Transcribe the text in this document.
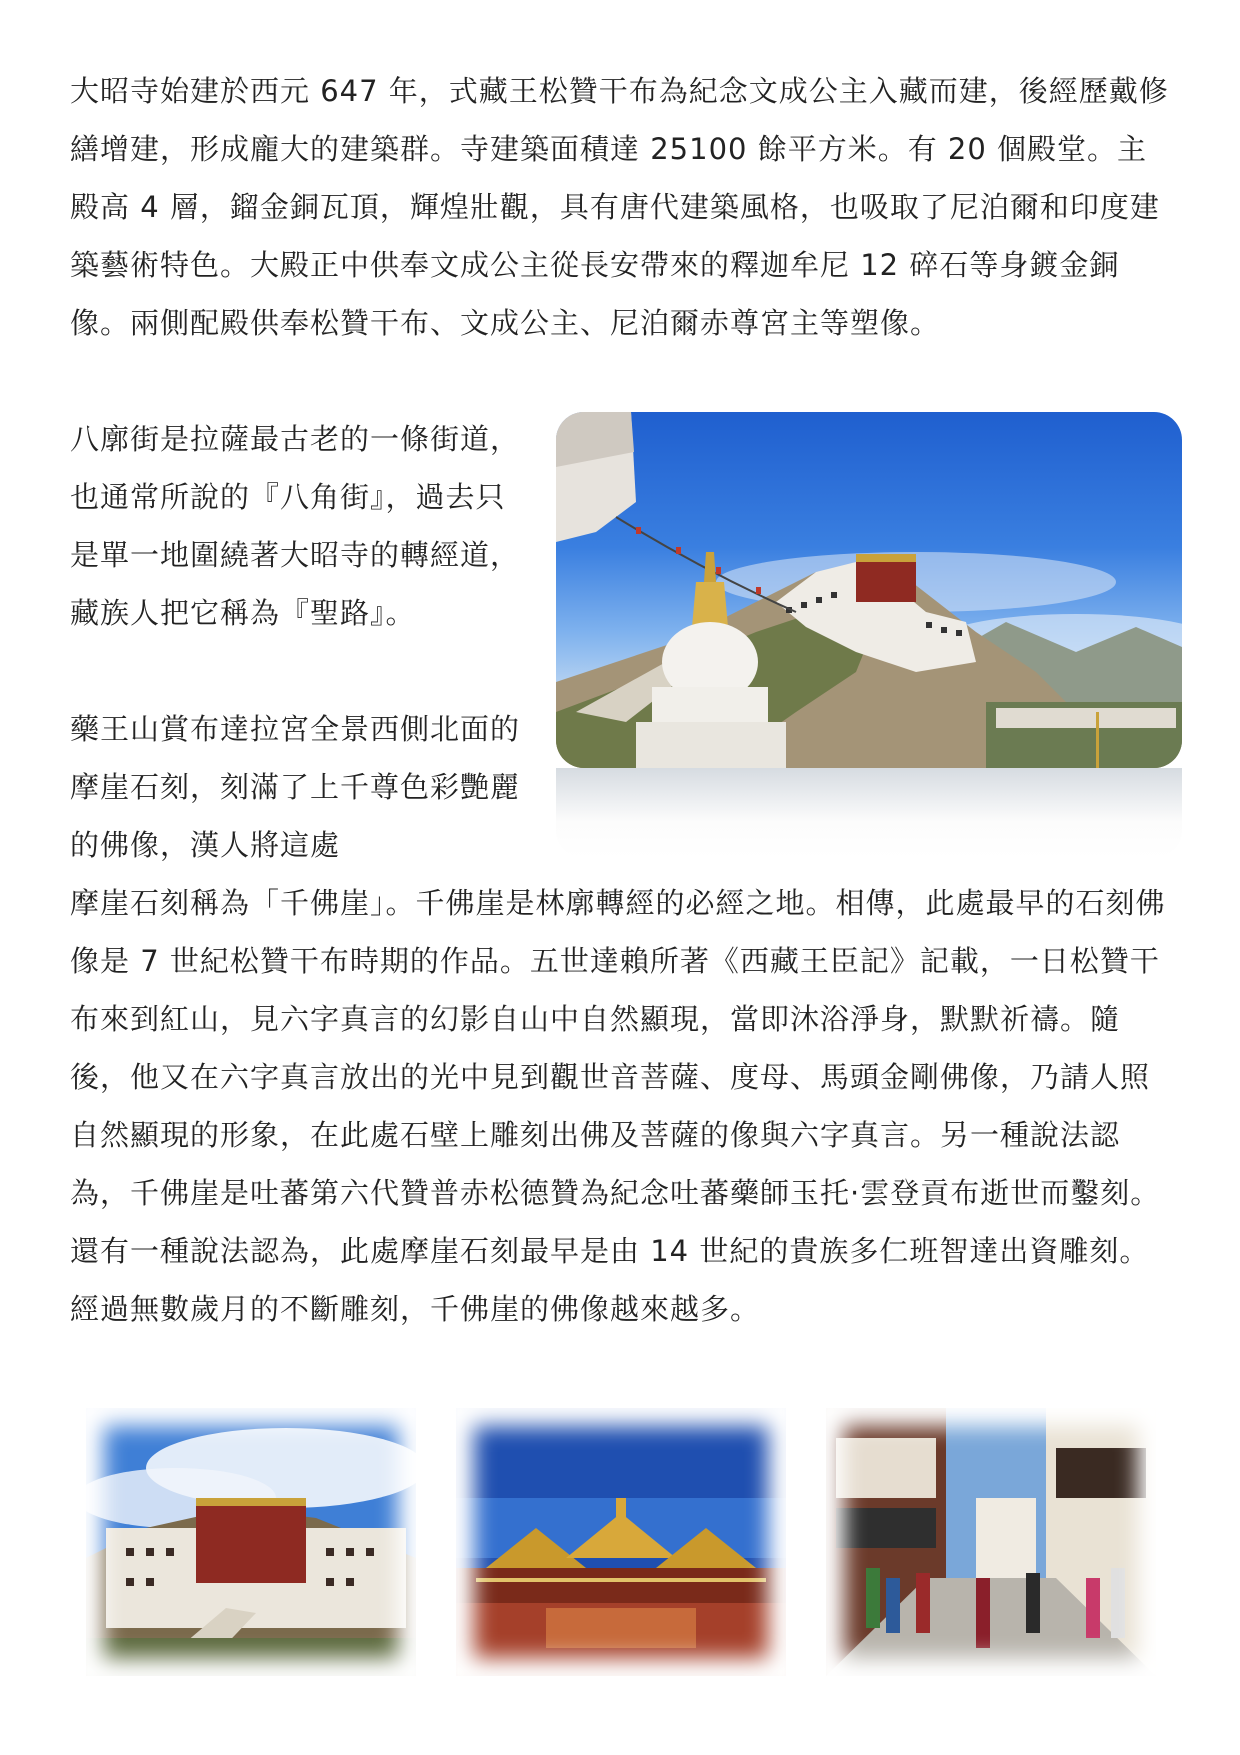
大昭寺始建於西元 647 年，式藏王松贊干布為紀念文成公主入藏而建，後經歷戴修繕增建，形成龐大的建築群。寺建築面積達 25100 餘平方米。有 20 個殿堂。主殿高 4 層，鎦金銅瓦頂，輝煌壯觀，具有唐代建築風格，也吸取了尼泊爾和印度建築藝術特色。大殿正中供奉文成公主從長安帶來的釋迦牟尼 12 碎石等身鍍金銅像。兩側配殿供奉松贊干布、文成公主、尼泊爾赤尊宮主等塑像。

八廓街是拉薩最古老的一條街道，也通常所說的『八角街』，過去只是單一地圍繞著大昭寺的轉經道，藏族人把它稱為『聖路』。

藥王山賞布達拉宮全景西側北面的摩崖石刻，刻滿了上千尊色彩艷麗的佛像，漢人將這處

摩崖石刻稱為「千佛崖」。千佛崖是林廓轉經的必經之地。相傳，此處最早的石刻佛像是 7 世紀松贊干布時期的作品。五世達賴所著《西藏王臣記》記載，一日松贊干布來到紅山，見六字真言的幻影自山中自然顯現，當即沐浴淨身，默默祈禱。隨後，他又在六字真言放出的光中見到觀世音菩薩、度母、馬頭金剛佛像，乃請人照自然顯現的形象，在此處石壁上雕刻出佛及菩薩的像與六字真言。另一種說法認為，千佛崖是吐蕃第六代贊普赤松德贊為紀念吐蕃藥師玉托·雲登貢布逝世而鑿刻。還有一種說法認為，此處摩崖石刻最早是由 14 世紀的貴族多仁班智達出資雕刻。經過無數歲月的不斷雕刻，千佛崖的佛像越來越多。
